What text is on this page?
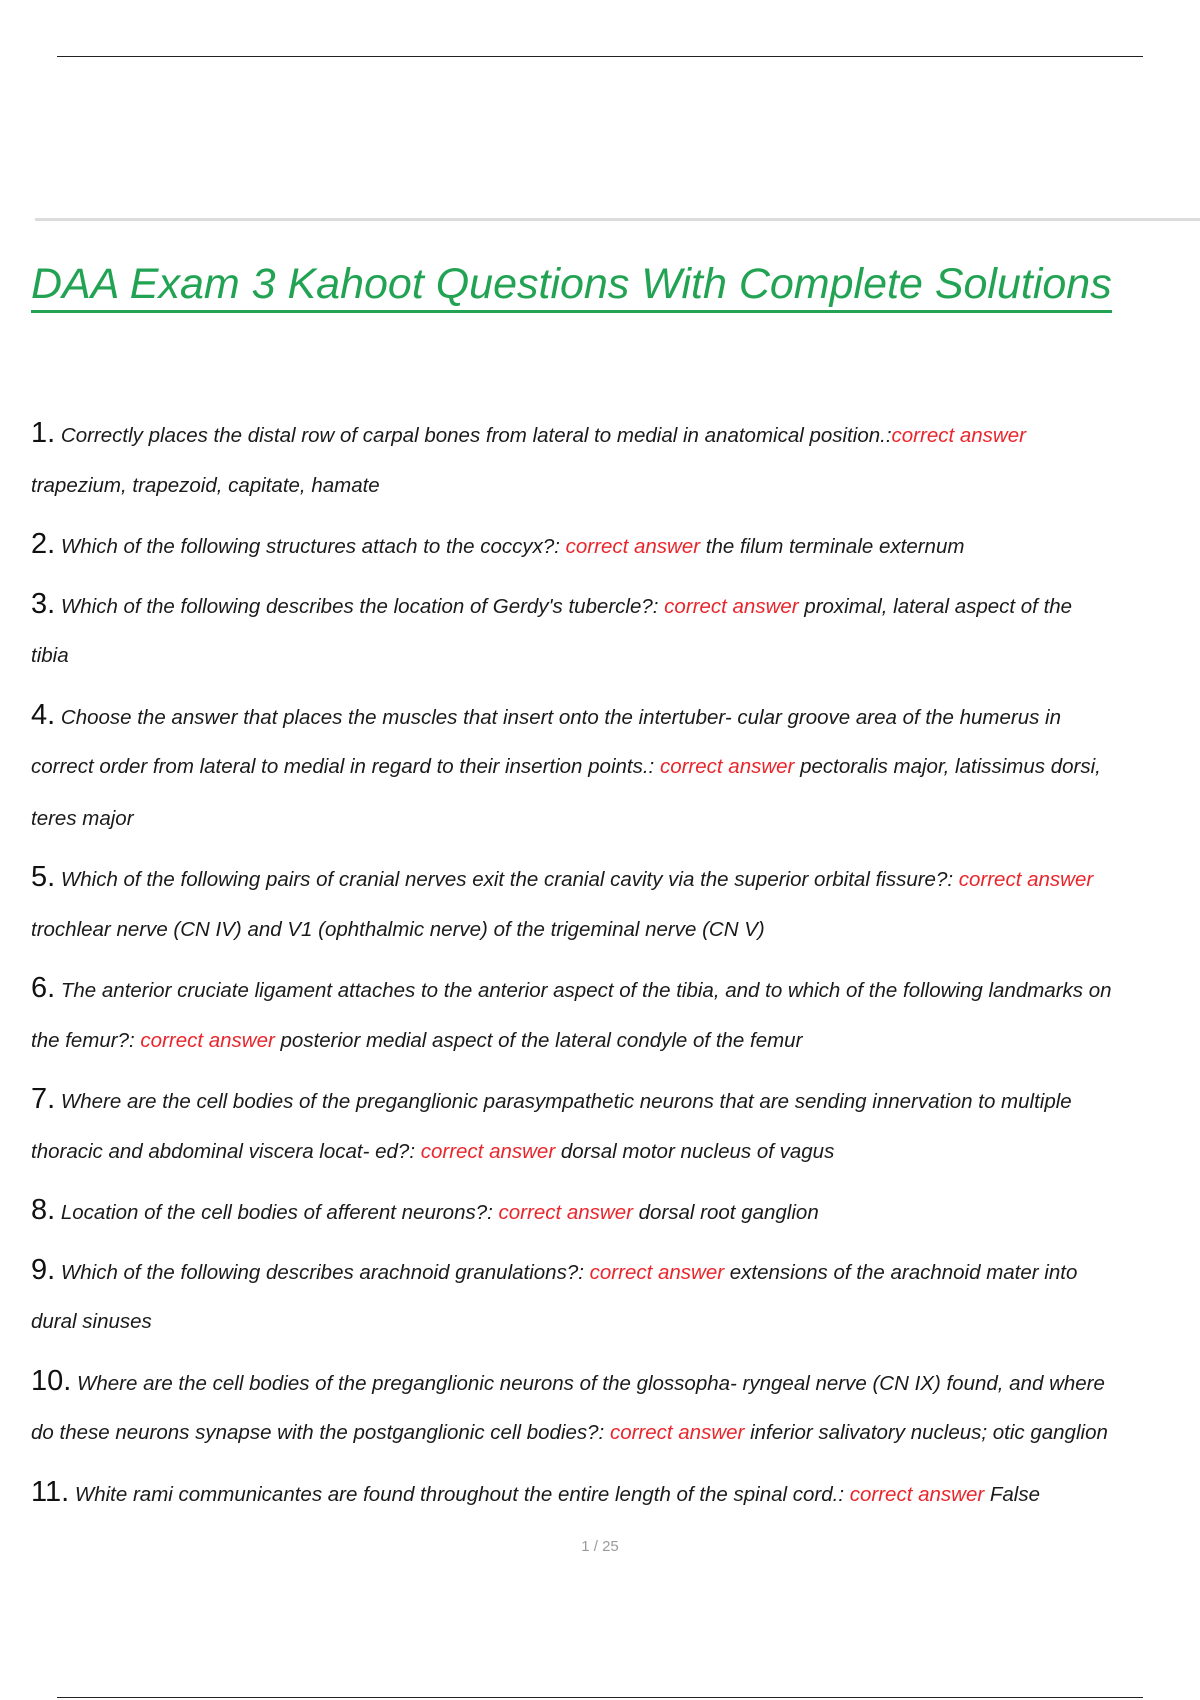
DAA Exam 3 Kahoot Questions With Complete Solutions
1. Correctly places the distal row of carpal bones from lateral to medial in anatomical position.:correct answer
trapezium, trapezoid, capitate, hamate
2. Which of the following structures attach to the coccyx?: correct answer the filum terminale externum
3. Which of the following describes the location of Gerdy's tubercle?: correct answer proximal, lateral aspect of the
tibia
4. Choose the answer that places the muscles that insert onto the intertuber- cular groove area of the humerus in
correct order from lateral to medial in regard to their insertion points.: correct answer pectoralis major, latissimus dorsi,
teres major
5. Which of the following pairs of cranial nerves exit the cranial cavity via the superior orbital fissure?: correct answer
trochlear nerve (CN IV) and V1 (ophthalmic nerve) of the trigeminal nerve (CN V)
6. The anterior cruciate ligament attaches to the anterior aspect of the tibia, and to which of the following landmarks on
the femur?: correct answer posterior medial aspect of the lateral condyle of the femur
7. Where are the cell bodies of the preganglionic parasympathetic neurons that are sending innervation to multiple
thoracic and abdominal viscera locat- ed?: correct answer dorsal motor nucleus of vagus
8. Location of the cell bodies of afferent neurons?: correct answer dorsal root ganglion
9. Which of the following describes arachnoid granulations?: correct answer extensions of the arachnoid mater into
dural sinuses
10. Where are the cell bodies of the preganglionic neurons of the glossopha- ryngeal nerve (CN IX) found, and where
do these neurons synapse with the postganglionic cell bodies?: correct answer inferior salivatory nucleus; otic ganglion
11. White rami communicantes are found throughout the entire length of the spinal cord.: correct answer False
1 / 25
